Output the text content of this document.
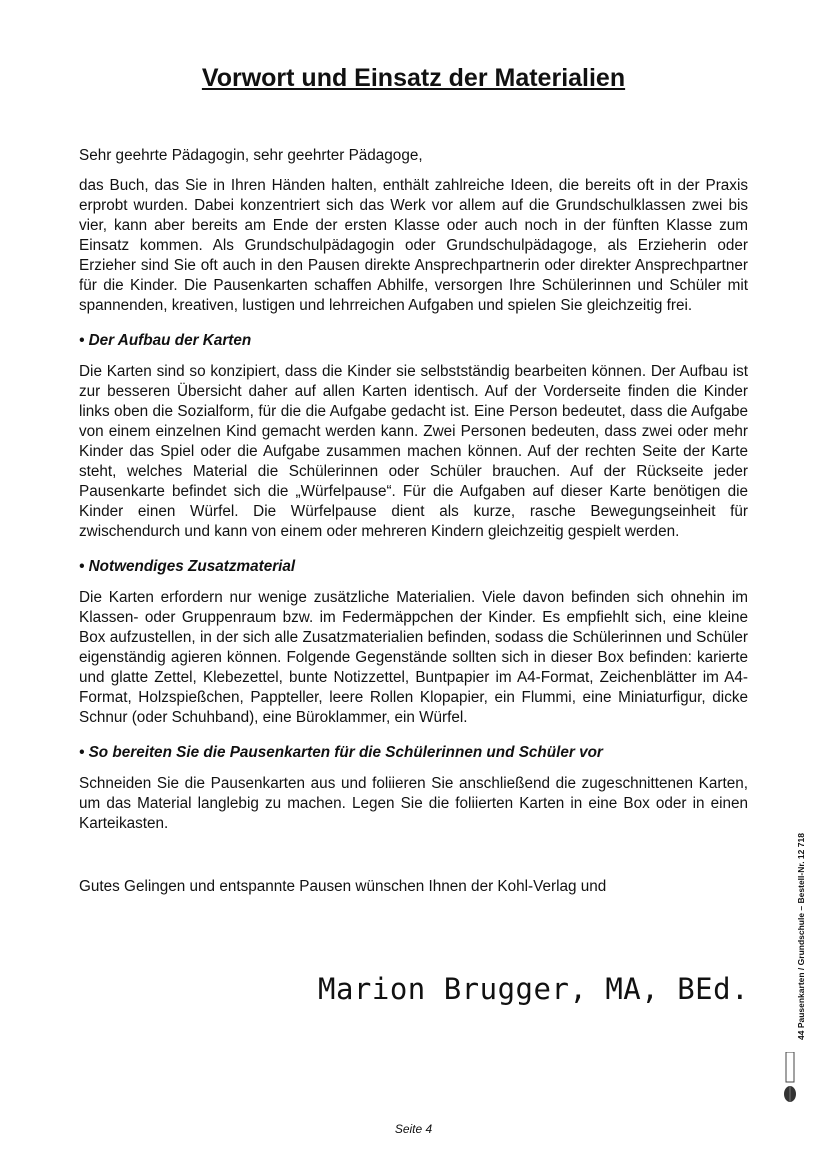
Vorwort und Einsatz der Materialien

Sehr geehrte Pädagogin, sehr geehrter Pädagoge,

das Buch, das Sie in Ihren Händen halten, enthält zahlreiche Ideen, die bereits oft in der Praxis erprobt wurden. Dabei konzentriert sich das Werk vor allem auf die Grundschulklassen zwei bis vier, kann aber bereits am Ende der ersten Klasse oder auch noch in der fünften Klasse zum Einsatz kommen. Als Grundschulpädagogin oder Grundschulpädagoge, als Erzieherin oder Erzieher sind Sie oft auch in den Pausen direkte Ansprechpartnerin oder direkter Ansprechpartner für die Kinder. Die Pausenkarten schaffen Abhilfe, versorgen Ihre Schülerinnen und Schüler mit spannenden, kreativen, lustigen und lehrreichen Aufgaben und spielen Sie gleichzeitig frei.

• Der Aufbau der Karten

Die Karten sind so konzipiert, dass die Kinder sie selbstständig bearbeiten können. Der Aufbau ist zur besseren Übersicht daher auf allen Karten identisch. Auf der Vorderseite finden die Kinder links oben die Sozialform, für die die Aufgabe gedacht ist. Eine Person bedeutet, dass die Aufgabe von einem einzelnen Kind gemacht werden kann. Zwei Personen bedeuten, dass zwei oder mehr Kinder das Spiel oder die Aufgabe zusammen machen können. Auf der rechten Seite der Karte steht, welches Material die Schülerinnen oder Schüler brauchen. Auf der Rückseite jeder Pausenkarte befindet sich die „Würfelpause“. Für die Aufgaben auf dieser Karte benötigen die Kinder einen Würfel. Die Würfelpause dient als kurze, rasche Bewegungseinheit für zwischendurch und kann von einem oder mehreren Kindern gleichzeitig gespielt werden.

• Notwendiges Zusatzmaterial

Die Karten erfordern nur wenige zusätzliche Materialien. Viele davon befinden sich ohnehin im Klassen- oder Gruppenraum bzw. im Federmäppchen der Kinder. Es empfiehlt sich, eine kleine Box aufzustellen, in der sich alle Zusatzmaterialien befinden, sodass die Schülerinnen und Schüler eigenständig agieren können. Folgende Gegenstände sollten sich in dieser Box befinden: karierte und glatte Zettel, Klebezettel, bunte Notizzettel, Buntpapier im A4-Format, Zeichenblätter im A4-Format, Holzspießchen, Pappteller, leere Rollen Klopapier, ein Flummi, eine Miniaturfigur, dicke Schnur (oder Schuhband), eine Büroklammer, ein Würfel.

• So bereiten Sie die Pausenkarten für die Schülerinnen und Schüler vor

Schneiden Sie die Pausenkarten aus und foliieren Sie anschließend die zugeschnittenen Karten, um das Material langlebig zu machen. Legen Sie die foliierten Karten in eine Box oder in einen Karteikasten.

Gutes Gelingen und entspannte Pausen wünschen Ihnen der Kohl-Verlag und

Marion Brugger, MA, BEd.
Seite 4
44 Pausenkarten / Grundschule – Bestell-Nr. 12 718
